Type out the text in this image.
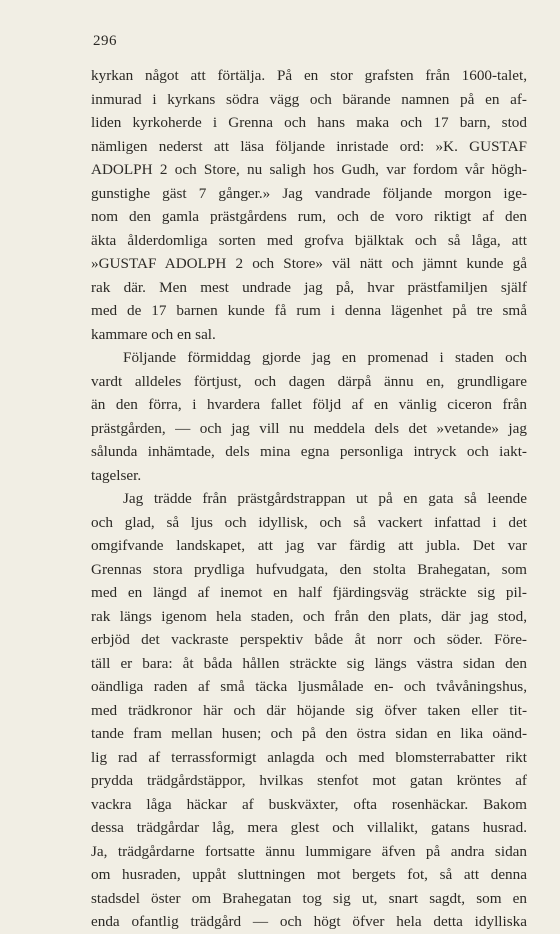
296
kyrkan något att förtälja. På en stor grafsten från 1600-talet,
inmurad i kyrkans södra vägg och bärande namnen på en af-
liden kyrkoherde i Grenna och hans maka och 17 barn, stod
nämligen nederst att läsa följande inristade ord: »K. GUSTAF
ADOLPH 2 och Store, nu saligh hos Gudh, var fordom vår högh-
gunstighe gäst 7 gånger.» Jag vandrade följande morgon ige-
nom den gamla prästgårdens rum, och de voro riktigt af den
äkta ålderdomliga sorten med grofva bjälktak och så låga, att
»GUSTAF ADOLPH 2 och Store» väl nätt och jämnt kunde gå
rak där. Men mest undrade jag på, hvar prästfamiljen själf
med de 17 barnen kunde få rum i denna lägenhet på tre små
kammare och en sal.
Följande förmiddag gjorde jag en promenad i staden och
vardt alldeles förtjust, och dagen därpå ännu en, grundligare
än den förra, i hvardera fallet följd af en vänlig ciceron från
prästgården, — och jag vill nu meddela dels det »vetande» jag
sålunda inhämtade, dels mina egna personliga intryck och iakt-
tagelser.
Jag trädde från prästgårdstrappan ut på en gata så leende
och glad, så ljus och idyllisk, och så vackert infattad i det
omgifvande landskapet, att jag var färdig att jubla. Det var
Grennas stora prydliga hufvudgata, den stolta Brahegatan, som
med en längd af inemot en half fjärdingsväg sträckte sig pil-
rak längs igenom hela staden, och från den plats, där jag stod,
erbjöd det vackraste perspektiv både åt norr och söder. Före-
täll er bara: åt båda hållen sträckte sig längs västra sidan den
oändliga raden af små täcka ljusmålade en- och tvåvåningshus,
med trädkronor här och där höjande sig öfver taken eller tit-
tande fram mellan husen; och på den östra sidan en lika oänd-
lig rad af terrassformigt anlagda och med blomsterrabatter rikt
prydda trädgårdstäppor, hvilkas stenfot mot gatan kröntes af
vackra låga häckar af buskväxter, ofta rosenhäckar. Bakom
dessa trädgårdar låg, mera glest och villalikt, gatans husrad.
Ja, trädgårdarne fortsatte ännu lummigare äfven på andra sidan
om husraden, uppåt sluttningen mot bergets fot, så att denna
stadsdel öster om Brahegatan tog sig ut, snart sagdt, som en
enda ofantlig trädgård — och högt öfver hela detta idylliska
